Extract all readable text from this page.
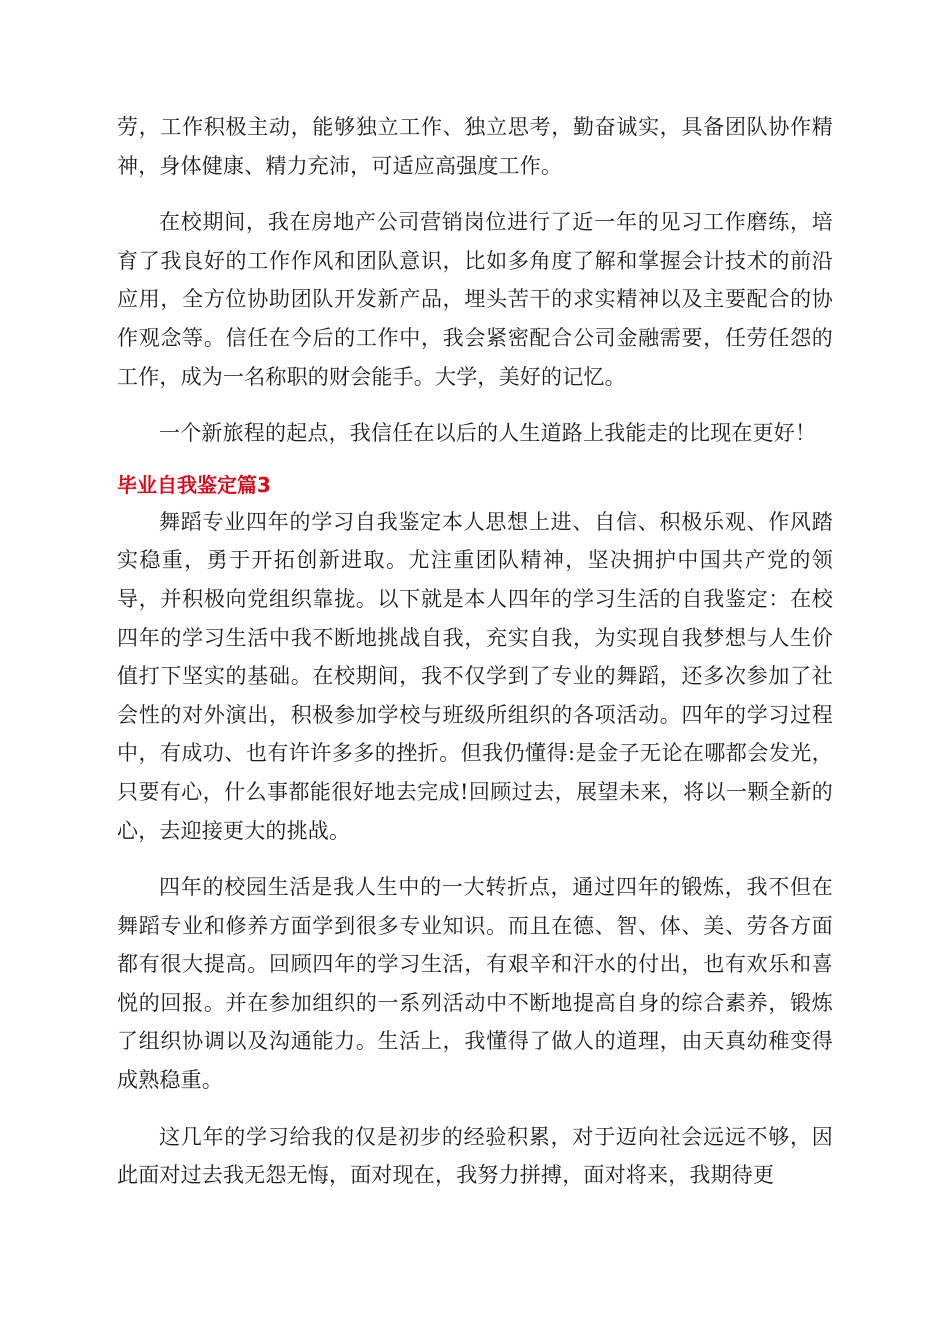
劳，工作积极主动，能够独立工作、独立思考，勤奋诚实，具备团队协作精神，身体健康、精力充沛，可适应高强度工作。

在校期间，我在房地产公司营销岗位进行了近一年的见习工作磨练，培育了我良好的工作作风和团队意识，比如多角度了解和掌握会计技术的前沿应用，全方位协助团队开发新产品，埋头苦干的求实精神以及主要配合的协作观念等。信任在今后的工作中，我会紧密配合公司金融需要，任劳任怨的工作，成为一名称职的财会能手。大学，美好的记忆。

一个新旅程的起点，我信任在以后的人生道路上我能走的比现在更好！

毕业自我鉴定篇3

舞蹈专业四年的学习自我鉴定本人思想上进、自信、积极乐观、作风踏实稳重，勇于开拓创新进取。尤注重团队精神，坚决拥护中国共产党的领导，并积极向党组织靠拢。以下就是本人四年的学习生活的自我鉴定：在校四年的学习生活中我不断地挑战自我，充实自我，为实现自我梦想与人生价值打下坚实的基础。在校期间，我不仅学到了专业的舞蹈，还多次参加了社会性的对外演出，积极参加学校与班级所组织的各项活动。四年的学习过程中，有成功、也有许许多多的挫折。但我仍懂得:是金子无论在哪都会发光，只要有心，什么事都能很好地去完成!回顾过去，展望未来，将以一颗全新的心，去迎接更大的挑战。

四年的校园生活是我人生中的一大转折点，通过四年的锻炼，我不但在舞蹈专业和修养方面学到很多专业知识。而且在德、智、体、美、劳各方面都有很大提高。回顾四年的学习生活，有艰辛和汗水的付出，也有欢乐和喜悦的回报。并在参加组织的一系列活动中不断地提高自身的综合素养，锻炼了组织协调以及沟通能力。生活上，我懂得了做人的道理，由天真幼稚变得成熟稳重。

这几年的学习给我的仅是初步的经验积累，对于迈向社会远远不够，因此面对过去我无怨无悔，面对现在，我努力拼搏，面对将来，我期待更
